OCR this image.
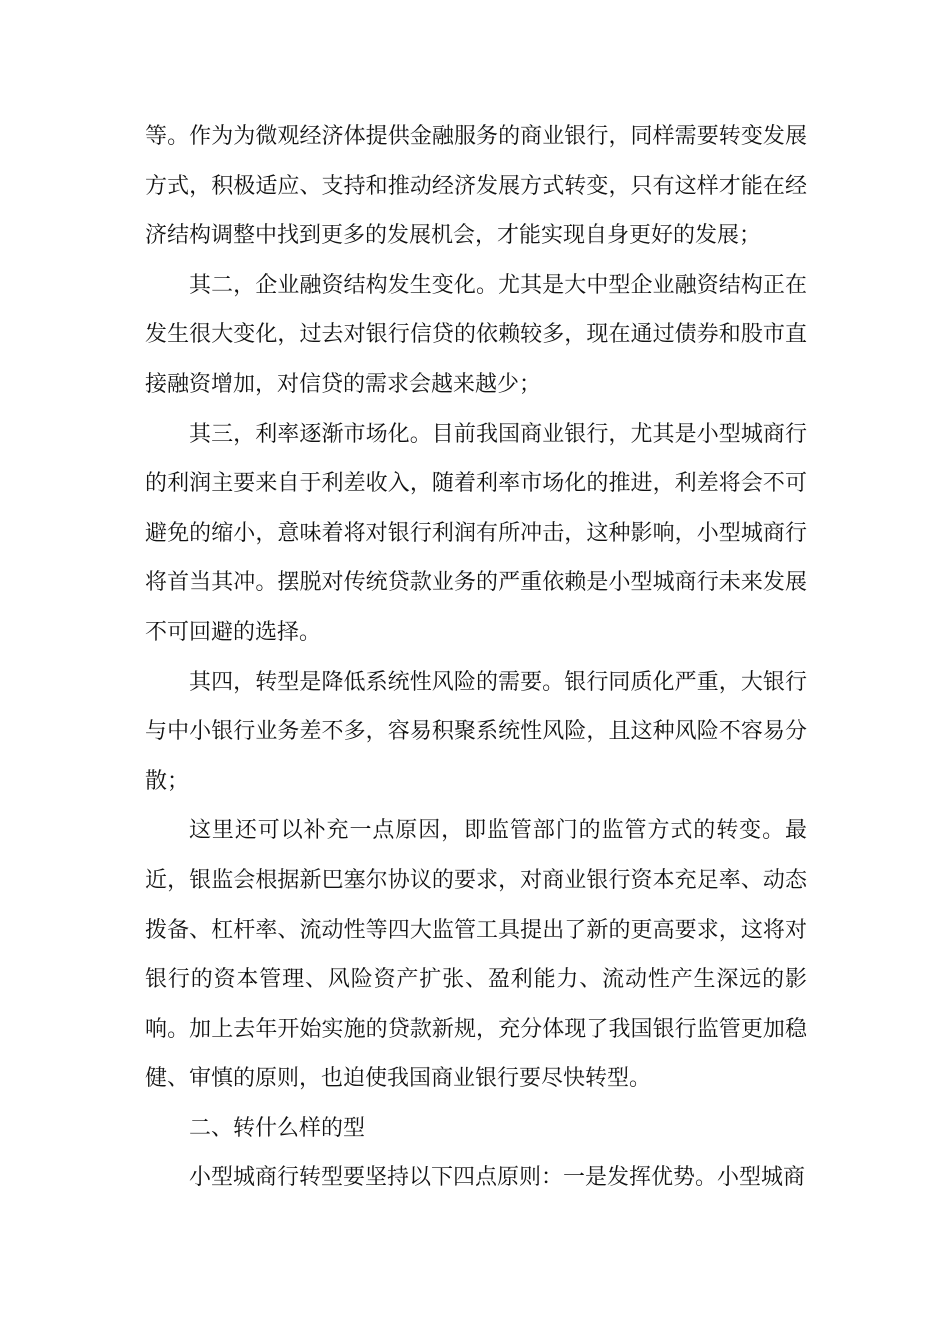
等。作为为微观经济体提供金融服务的商业银行，同样需要转变发展方式，积极适应、支持和推动经济发展方式转变，只有这样才能在经济结构调整中找到更多的发展机会，才能实现自身更好的发展；

其二，企业融资结构发生变化。尤其是大中型企业融资结构正在发生很大变化，过去对银行信贷的依赖较多，现在通过债券和股市直接融资增加，对信贷的需求会越来越少；

其三，利率逐渐市场化。目前我国商业银行，尤其是小型城商行的利润主要来自于利差收入，随着利率市场化的推进，利差将会不可避免的缩小，意味着将对银行利润有所冲击，这种影响，小型城商行将首当其冲。摆脱对传统贷款业务的严重依赖是小型城商行未来发展不可回避的选择。

其四，转型是降低系统性风险的需要。银行同质化严重，大银行与中小银行业务差不多，容易积聚系统性风险，且这种风险不容易分散；

这里还可以补充一点原因，即监管部门的监管方式的转变。最近，银监会根据新巴塞尔协议的要求，对商业银行资本充足率、动态拨备、杠杆率、流动性等四大监管工具提出了新的更高要求，这将对银行的资本管理、风险资产扩张、盈利能力、流动性产生深远的影响。加上去年开始实施的贷款新规，充分体现了我国银行监管更加稳健、审慎的原则，也迫使我国商业银行要尽快转型。

二、转什么样的型

小型城商行转型要坚持以下四点原则：一是发挥优势。小型城商
